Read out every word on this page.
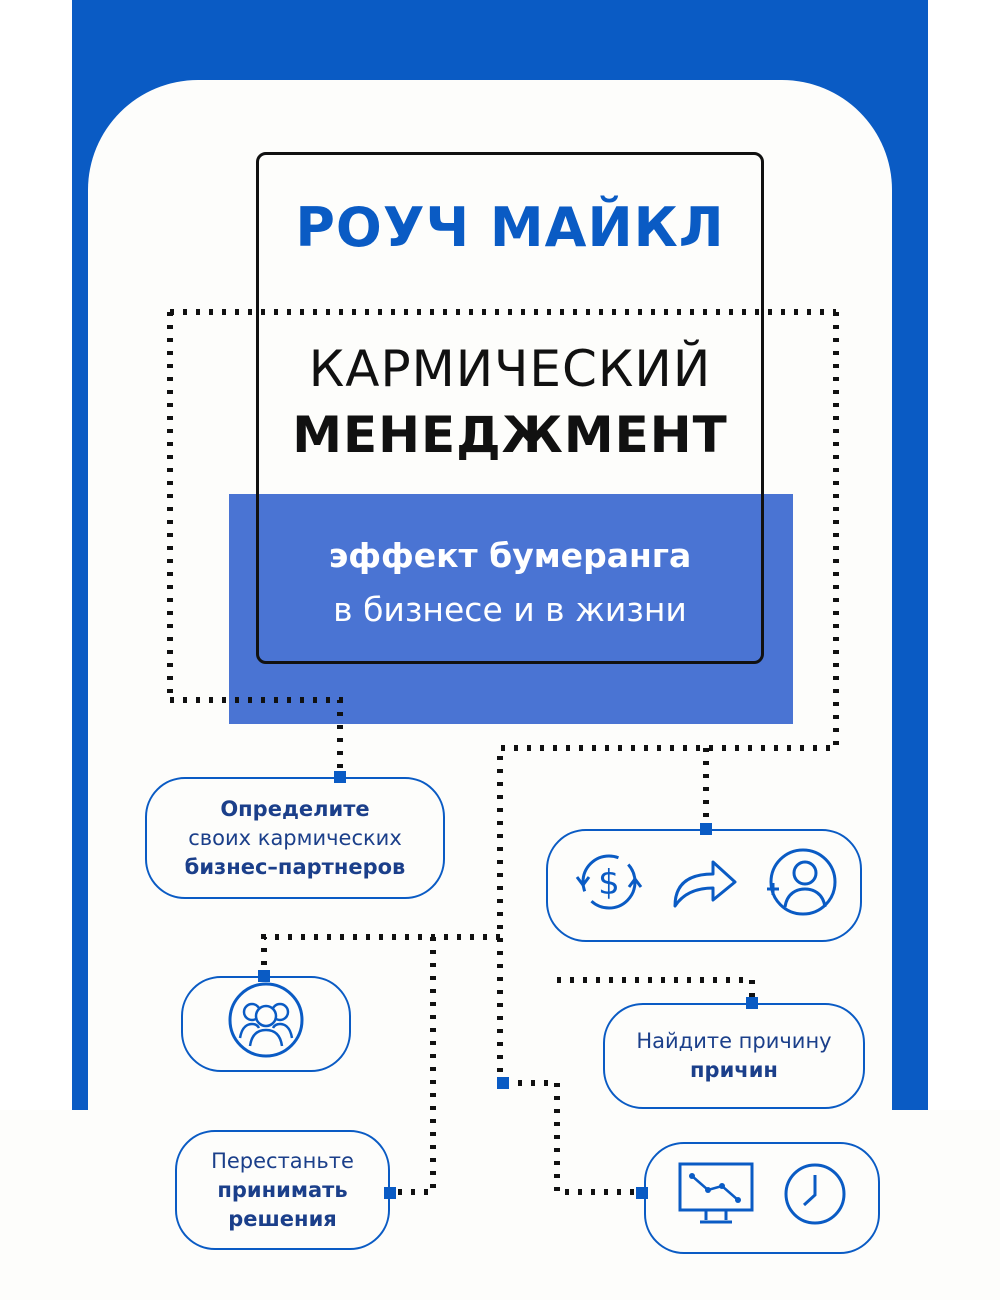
РОУЧ МАЙКЛ
КАРМИЧЕСКИЙ
МЕНЕДЖМЕНТ
эффект бумеранга
в бизнесе и в жизни
Определите
своих кармических
бизнес–партнеров	$
Найдите причину
причин
Перестаньте
принимать
решения
